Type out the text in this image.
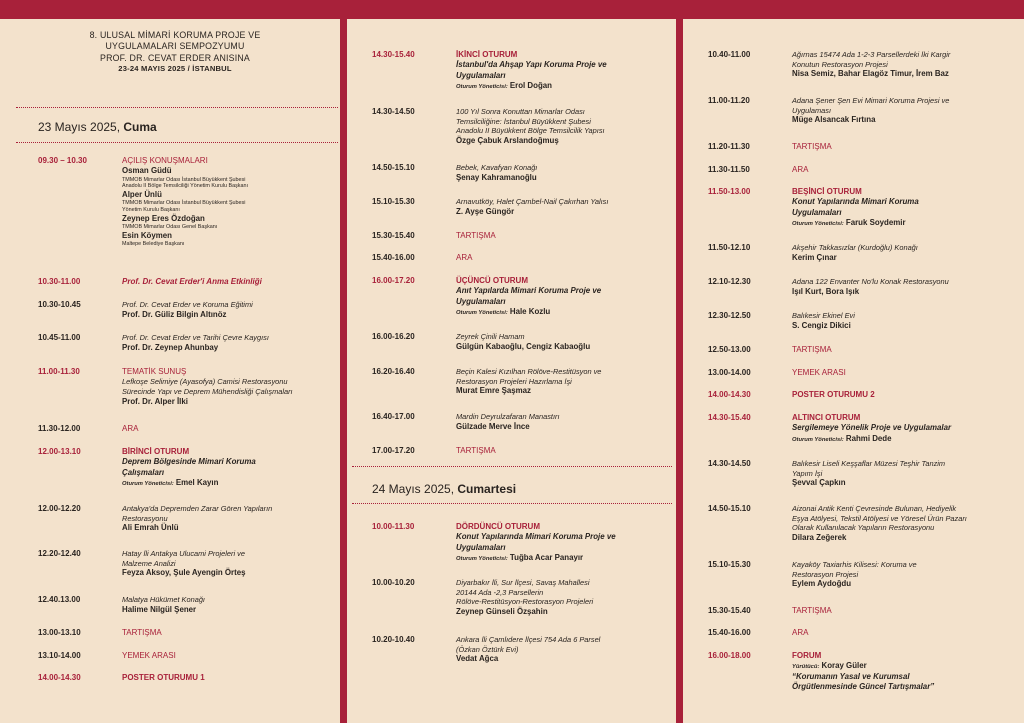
8. ULUSAL MİMARİ KORUMA PROJE VE
UYGULAMALARI SEMPOZYUMU
PROF. DR. CEVAT ERDER ANISINA
23-24 MAYIS 2025 / İSTANBUL
23 Mayıs 2025, Cuma
09.30 – 10.30	AÇILIŞ KONUŞMALARI
Osman Güdü
TMMOB Mimarlar Odası İstanbul Büyükkent Şubesi
Anadolu II Bölge Temsilciliği Yönetim Kurulu Başkanı
Alper Ünlü
TMMOB Mimarlar Odası İstanbul Büyükkent Şubesi
Yönetim Kurulu Başkanı
Zeynep Eres Özdoğan
TMMOB Mimarlar Odası Genel Başkanı
Esin Köymen
Maltepe Belediye Başkanı
10.30-11.00	Prof. Dr. Cevat Erder'i Anma Etkinliği
10.30-10.45	Prof. Dr. Cevat Erder ve Koruma Eğitimi
Prof. Dr. Güliz Bilgin Altınöz
10.45-11.00	Prof. Dr. Cevat Erder ve Tarihi Çevre Kaygısı
Prof. Dr. Zeynep Ahunbay
11.00-11.30	TEMATİK SUNUŞ
Lefkoşe Selimiye (Ayasofya) Camisi Restorasyonu
Sürecinde Yapı ve Deprem Mühendisliği Çalışmaları
Prof. Dr. Alper İlki
11.30-12.00	ARA
12.00-13.10	BİRİNCİ OTURUM
Deprem Bölgesinde Mimari Koruma
Çalışmaları
Oturum Yöneticisi: Emel Kayın
12.00-12.20	Antakya'da Depremden Zarar Gören Yapıların
Restorasyonu
Ali Emrah Ünlü
12.20-12.40	Hatay İli Antakya Ulucami Projeleri ve
Malzeme Analizi
Feyza Aksoy, Şule Ayengin Örteş
12.40.13.00	Malatya Hükümet Konağı
Halime Nilgül Şener
13.00-13.10	TARTIŞMA
13.10-14.00	YEMEK ARASI
14.00-14.30	POSTER OTURUMU 1
24 Mayıs 2025, Cumartesi
14.30-15.40	İKİNCİ OTURUM
İstanbul'da Ahşap Yapı Koruma Proje ve
Uygulamaları
Oturum Yöneticisi: Erol Doğan
14.30-14.50	100 Yıl Sonra Konuttan Mimarlar Odası
Temsilciliğine: İstanbul Büyükkent Şubesi
Anadolu II Büyükkent Bölge Temsilcilik Yapısı
Özge Çabuk Arslandoğmuş
14.50-15.10	Bebek, Kavafyan Konağı
Şenay Kahramanoğlu
15.10-15.30	Arnavutköy, Halet Çambel-Nail Çakırhan Yalısı
Z. Ayşe Güngör
15.30-15.40	TARTIŞMA
15.40-16.00	ARA
16.00-17.20	ÜÇÜNCÜ OTURUM
Anıt Yapılarda Mimari Koruma Proje ve
Uygulamaları
Oturum Yöneticisi: Hale Kozlu
16.00-16.20	Zeyrek Çinili Hamam
Gülgün Kabaoğlu, Cengiz Kabaoğlu
16.20-16.40	Beçin Kalesi Kızılhan Rölöve-Restitüsyon ve
Restorasyon Projeleri Hazırlama İşi
Murat Emre Şaşmaz
16.40-17.00	Mardin Deyrulzafaran Manastırı
Gülzade Merve İnce
17.00-17.20	TARTIŞMA
10.00-11.30	DÖRDÜNCÜ OTURUM
Konut Yapılarında Mimari Koruma Proje ve
Uygulamaları
Oturum Yöneticisi: Tuğba Acar Panayır
10.00-10.20	Diyarbakır İli, Sur İlçesi, Savaş Mahallesi
20144 Ada -2,3 Parsellerin
Rölöve-Restitüsyon-Restorasyon Projeleri
Zeynep Günseli Özşahin
10.20-10.40	Ankara İli Çamlıdere İlçesi 754 Ada 6 Parsel
(Özkan Öztürk Evi)
Vedat Ağca
10.40-11.00	Ağırnas 15474 Ada 1-2-3 Parsellerdeki İki Kargir
Konutun Restorasyon Projesi
Nisa Semiz, Bahar Elagöz Timur, İrem Baz
11.00-11.20	Adana Şener Şen Evi Mimari Koruma Projesi ve
Uygulaması
Müge Alsancak Fırtına
11.20-11.30	TARTIŞMA
11.30-11.50	ARA
11.50-13.00	BEŞİNCİ OTURUM
Konut Yapılarında Mimari Koruma
Uygulamaları
Oturum Yöneticisi: Faruk Soydemir
11.50-12.10	Akşehir Takkasızlar (Kurdoğlu) Konağı
Kerim Çınar
12.10-12.30	Adana 122 Envanter No'lu Konak Restorasyonu
Işıl Kurt, Bora Işık
12.30-12.50	Balıkesir Ekinel Evi
S. Cengiz Dikici
12.50-13.00	TARTIŞMA
13.00-14.00	YEMEK ARASI
14.00-14.30	POSTER OTURUMU 2
14.30-15.40	ALTINCI OTURUM
Sergilemeye Yönelik Proje ve Uygulamalar
Oturum Yöneticisi: Rahmi Dede
14.30-14.50	Balıkesir Liseli Keşşaflar Müzesi Teşhir Tanzim
Yapım İşi
Şevval Çapkın
14.50-15.10	Aizonai Antik Kenti Çevresinde Bulunan, Hediyelik
Eşya Atölyesi, Tekstil Atölyesi ve Yöresel Ürün Pazarı
Olarak Kullanılacak Yapıların Restorasyonu
Dilara Zeğerek
15.10-15.30	Kayaköy Taxiarhis Kilisesi: Koruma ve
Restorasyon Projesi
Eylem Aydoğdu
15.30-15.40	TARTIŞMA
15.40-16.00	ARA
16.00-18.00	FORUM
Yürütücü: Koray Güler
“Korumanın Yasal ve Kurumsal
Örgütlenmesinde Güncel Tartışmalar”
